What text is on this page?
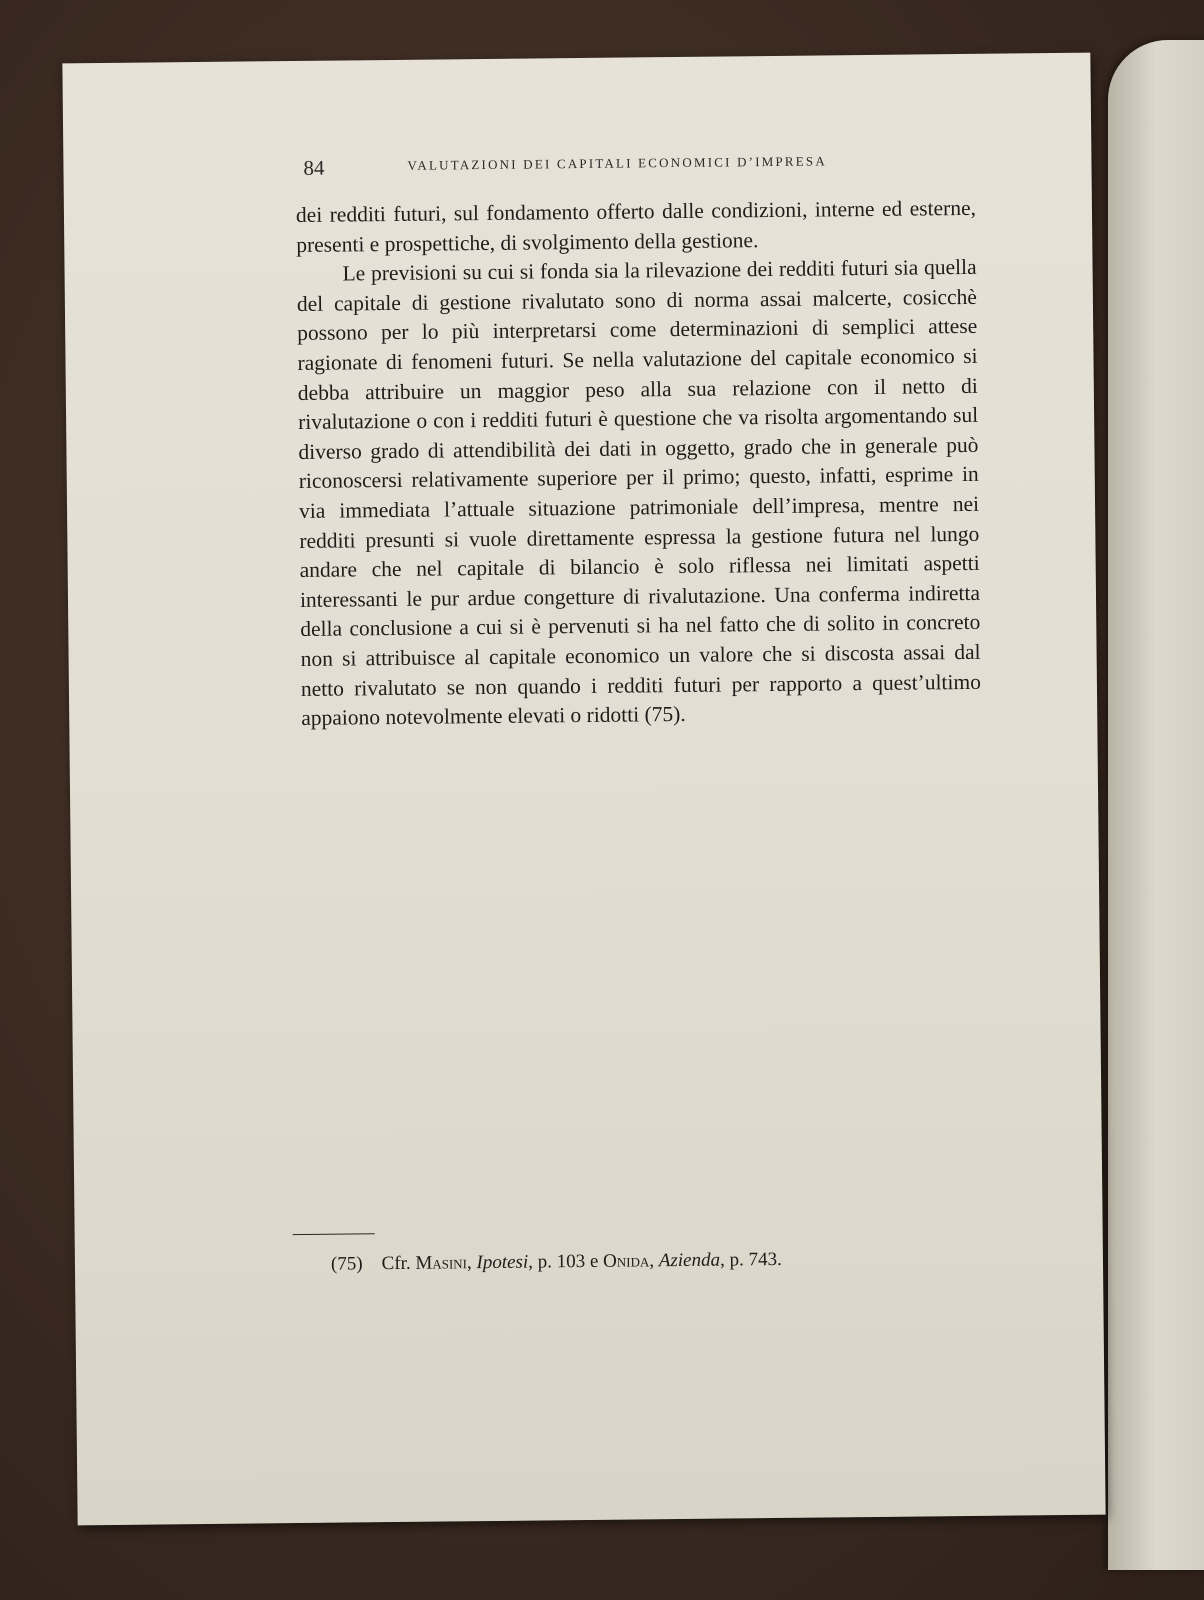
84	VALUTAZIONI DEI CAPITALI ECONOMICI D’IMPRESA

dei redditi futuri, sul fondamento offerto dalle condizioni, interne ed esterne, presenti e prospettiche, di svolgimento della gestione.

Le previsioni su cui si fonda sia la rilevazione dei redditi futuri sia quella del capitale di gestione rivalutato sono di norma assai malcerte, cosicchè possono per lo più interpretarsi come determinazioni di semplici attese ragionate di fenomeni futuri. Se nella valutazione del capitale economico si debba attribuire un maggior peso alla sua relazione con il netto di rivalutazione o con i redditi futuri è questione che va risolta argomentando sul diverso grado di attendibilità dei dati in oggetto, grado che in generale può riconoscersi relativamente superiore per il primo; questo, infatti, esprime in via immediata l’attuale situazione patrimoniale dell’impresa, mentre nei redditi presunti si vuole direttamente espressa la gestione futura nel lungo andare che nel capitale di bilancio è solo riflessa nei limitati aspetti interessanti le pur ardue congetture di rivalutazione. Una conferma indiretta della conclusione a cui si è pervenuti si ha nel fatto che di solito in concreto non si attribuisce al capitale economico un valore che si discosta assai dal netto rivalutato se non quando i redditi futuri per rapporto a quest’ultimo appaiono notevolmente elevati o ridotti (75).

(75) Cfr. Masini, Ipotesi, p. 103 e Onida, Azienda, p. 743.
